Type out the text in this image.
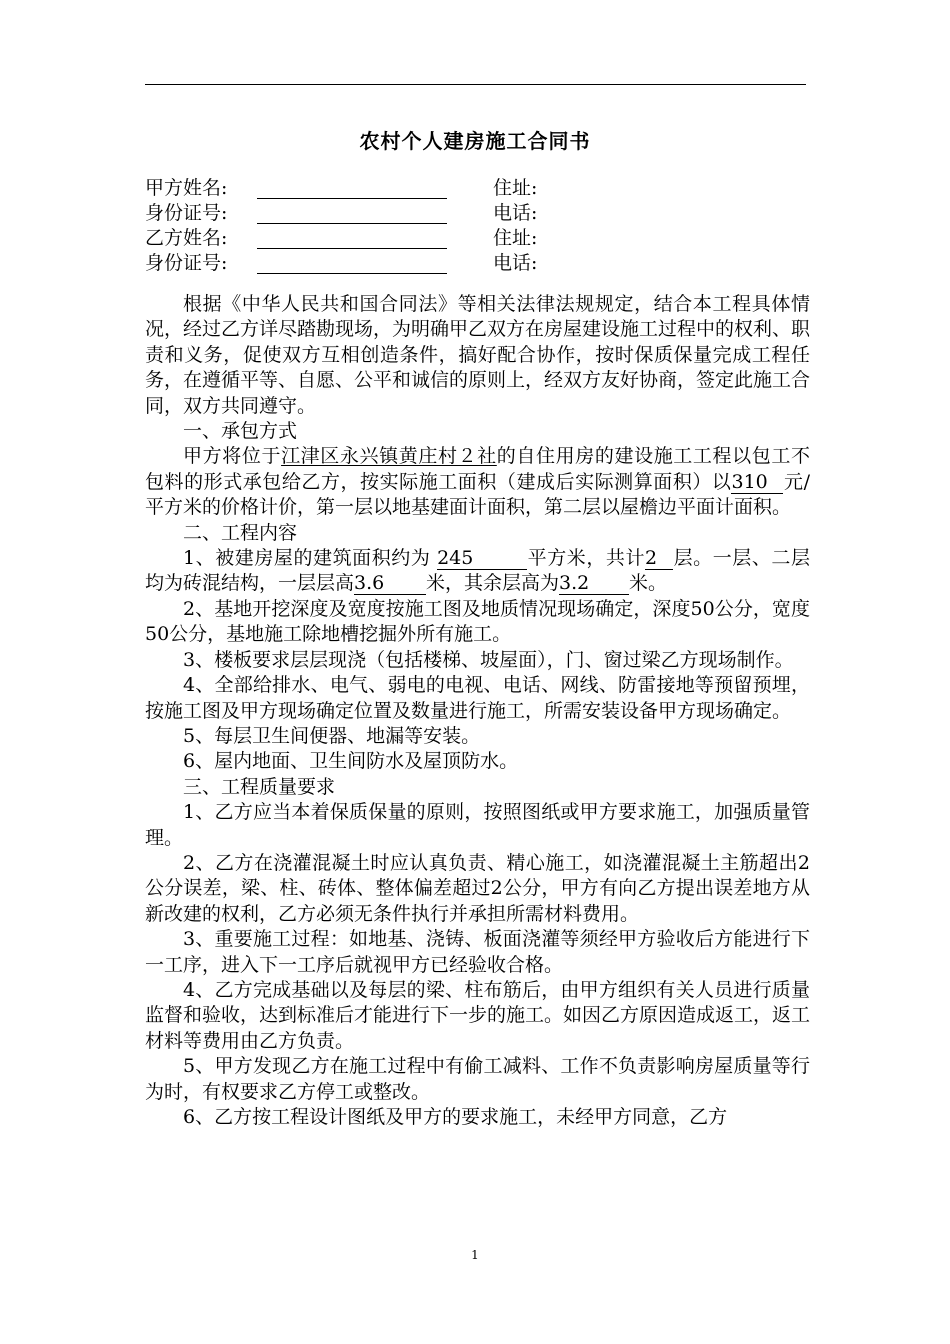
农村个人建房施工合同书
甲方姓名:	住址:
身份证号:	电话:
乙方姓名:	住址:
身份证号:	电话:

根据《中华人民共和国合同法》等相关法律法规规定，结合本工程具体情况，经过乙方详尽踏勘现场，为明确甲乙双方在房屋建设施工过程中的权利、职责和义务，促使双方互相创造条件，搞好配合协作，按时保质保量完成工程任务，在遵循平等、自愿、公平和诚信的原则上，经双方友好协商，签定此施工合同，双方共同遵守。

一、承包方式

甲方将位于江津区永兴镇黄庄村２社的自住用房的建设施工工程以包工不包料的形式承包给乙方，按实际施工面积（建成后实际测算面积）以310 元/平方米的价格计价，第一层以地基建面计面积，第二层以屋檐边平面计面积。

二、工程内容

1、被建房屋的建筑面积约为 245	平方米，共计2 层。一层、二层均为砖混结构，一层层高3.6 米，其余层高为3.2 米。

2、基地开挖深度及宽度按施工图及地质情况现场确定，深度50公分，宽度50公分，基地施工除地槽挖掘外所有施工。

3、楼板要求层层现浇（包括楼梯、坡屋面），门、窗过梁乙方现场制作。

4、全部给排水、电气、弱电的电视、电话、网线、防雷接地等预留预埋，按施工图及甲方现场确定位置及数量进行施工，所需安装设备甲方现场确定。

5、每层卫生间便器、地漏等安装。

6、屋内地面、卫生间防水及屋顶防水。

三、工程质量要求

1、乙方应当本着保质保量的原则，按照图纸或甲方要求施工，加强质量管理。

2、乙方在浇灌混凝土时应认真负责、精心施工，如浇灌混凝土主筋超出2公分误差，梁、柱、砖体、整体偏差超过2公分，甲方有向乙方提出误差地方从新改建的权利，乙方必须无条件执行并承担所需材料费用。

3、重要施工过程：如地基、浇铸、板面浇灌等须经甲方验收后方能进行下一工序，进入下一工序后就视甲方已经验收合格。

4、乙方完成基础以及每层的梁、柱布筋后，由甲方组织有关人员进行质量监督和验收，达到标准后才能进行下一步的施工。如因乙方原因造成返工，返工材料等费用由乙方负责。

5、甲方发现乙方在施工过程中有偷工减料、工作不负责影响房屋质量等行为时，有权要求乙方停工或整改。

6、乙方按工程设计图纸及甲方的要求施工，未经甲方同意，乙方

1
